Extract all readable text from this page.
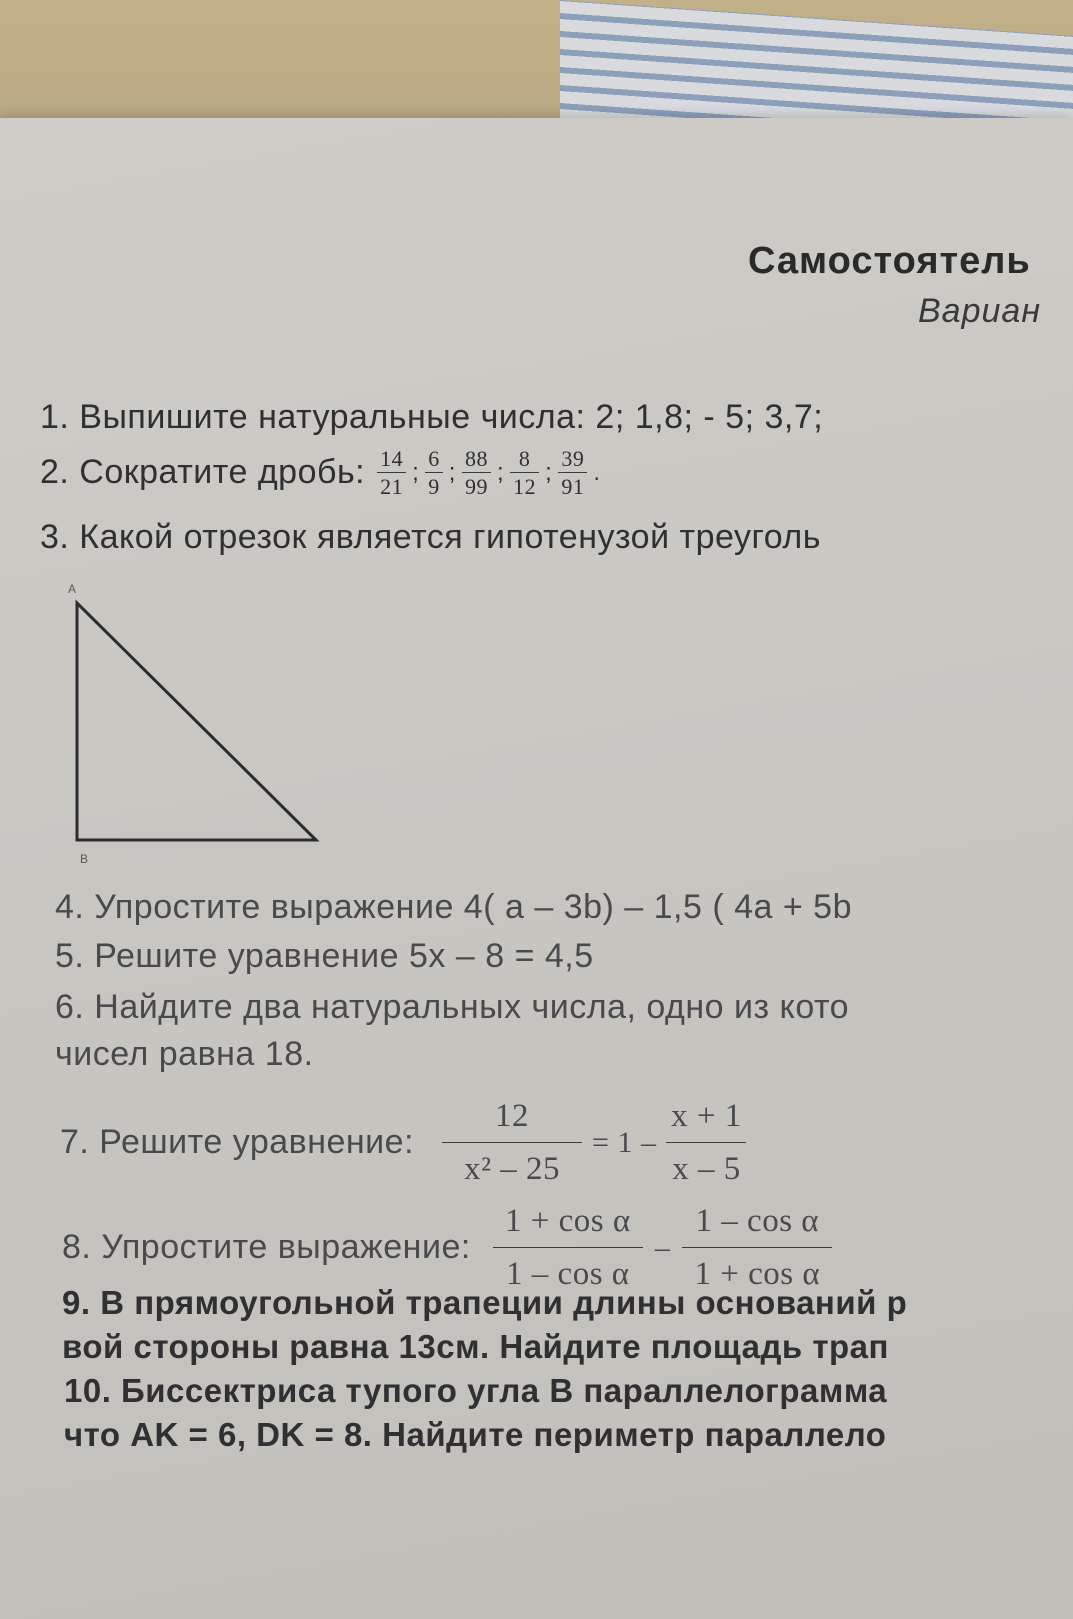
Самостоятель
Вариан
1. Выпишите натуральные числа: 2; 1,8; - 5; 3,7;
2. Сократите дробь: $\frac{14}{21}$ ; $\frac{6}{9}$ ; $\frac{88}{99}$ ; $\frac{8}{12}$ ; $\frac{39}{91}$ .
3. Какой отрезок является гипотенузой треуголь
A
B
4. Упростите выражение 4( a – 3b) – 1,5 ( 4a + 5b
5. Решите уравнение 5x – 8 = 4,5
6. Найдите два натуральных числа, одно из кото
чисел равна 18.
7. Решите уравнение: $\frac{12}{\text{x² – 25}} = 1 - \frac{x + 1}{x - 5}$
8. Упростите выражение: $\frac{\text{1 + cos α}}{\text{1 – cos α}} - \frac{\text{1 – cos α}}{\text{1 + cos α}}$
9. В прямоугольной трапеции длины оснований р
вой стороны равна 13см. Найдите площадь трап
10. Биссектриса тупого угла В параллелограмма
что AK = 6, DK = 8. Найдите периметр параллело
